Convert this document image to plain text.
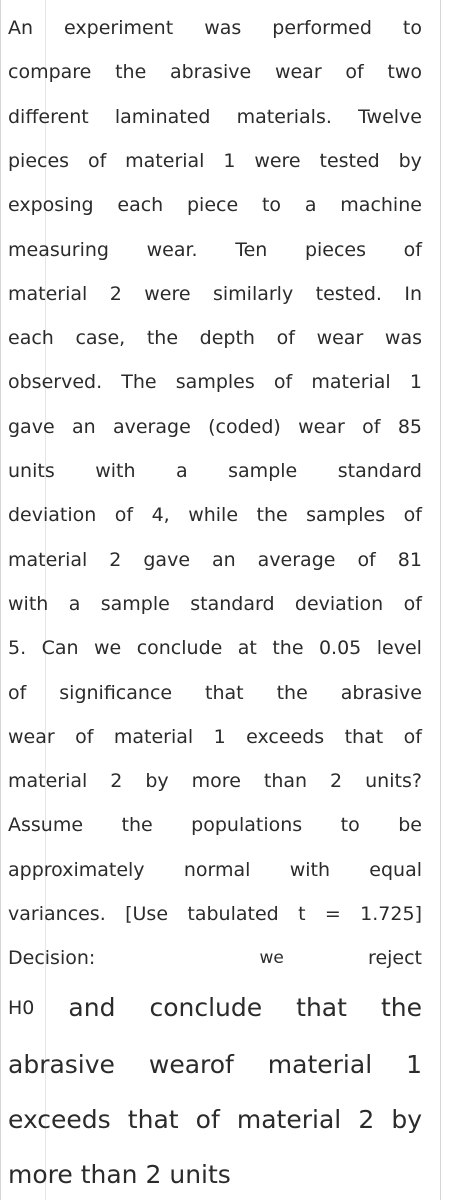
An experiment was performed to
compare the abrasive wear of two
different laminated materials. Twelve
pieces of material 1 were tested by
exposing each piece to a machine
measuring wear. Ten pieces of
material 2 were similarly tested. In
each case, the depth of wear was
observed. The samples of material 1
gave an average (coded) wear of 85
units with a sample standard
deviation of 4, while the samples of
material 2 gave an average of 81
with a sample standard deviation of
5. Can we conclude at the 0.05 level
of significance that the abrasive
wear of material 1 exceeds that of
material 2 by more than 2 units?
Assume the populations to be
approximately normal with equal
variances. [Use tabulated t = 1.725]
Decision:	we	reject
H0 and conclude that the
abrasive wearof material 1
exceeds that of material 2 by
more
than
2
units
